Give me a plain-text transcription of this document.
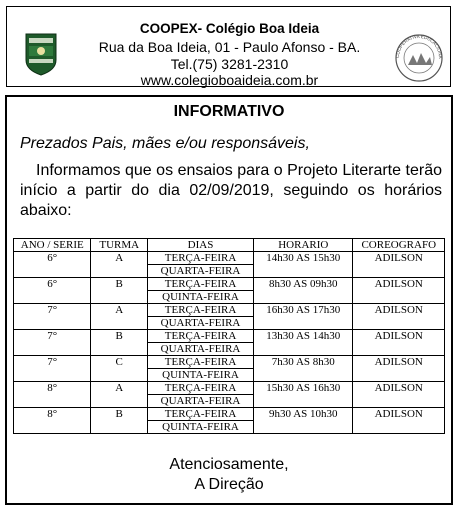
COOPEX- Colégio Boa Ideia
Rua da Boa Ideia, 01 - Paulo Afonso - BA.
Tel.(75) 3281-2310
www.colegioboaideia.com.br
COOPERATIVA EDUCACIONA
INFORMATIVO
Prezados Pais, mães e/ou responsáveis,
Informamos que os ensaios para o Projeto Literarte terão início a partir do dia 02/09/2019, seguindo os horários abaixo:
ANO / SERIE	TURMA	DIAS	HORARIO	COREOGRAFO
6°	A	TERÇA-FEIRA	14h30 AS 15h30	ADILSON
		QUARTA-FEIRA		
6°	B	TERÇA-FEIRA	8h30 AS 09h30	ADILSON
		QUINTA-FEIRA		
7°	A	TERÇA-FEIRA	16h30 AS 17h30	ADILSON
		QUARTA-FEIRA		
7°	B	TERÇA-FEIRA	13h30 AS 14h30	ADILSON
		QUARTA-FEIRA		
7°	C	TERÇA-FEIRA	7h30 AS 8h30	ADILSON
		QUINTA-FEIRA		
8°	A	TERÇA-FEIRA	15h30 AS 16h30	ADILSON
		QUARTA-FEIRA		
8°	B	TERÇA-FEIRA	9h30 AS 10h30	ADILSON
		QUINTA-FEIRA		
Atenciosamente,
A Direção
